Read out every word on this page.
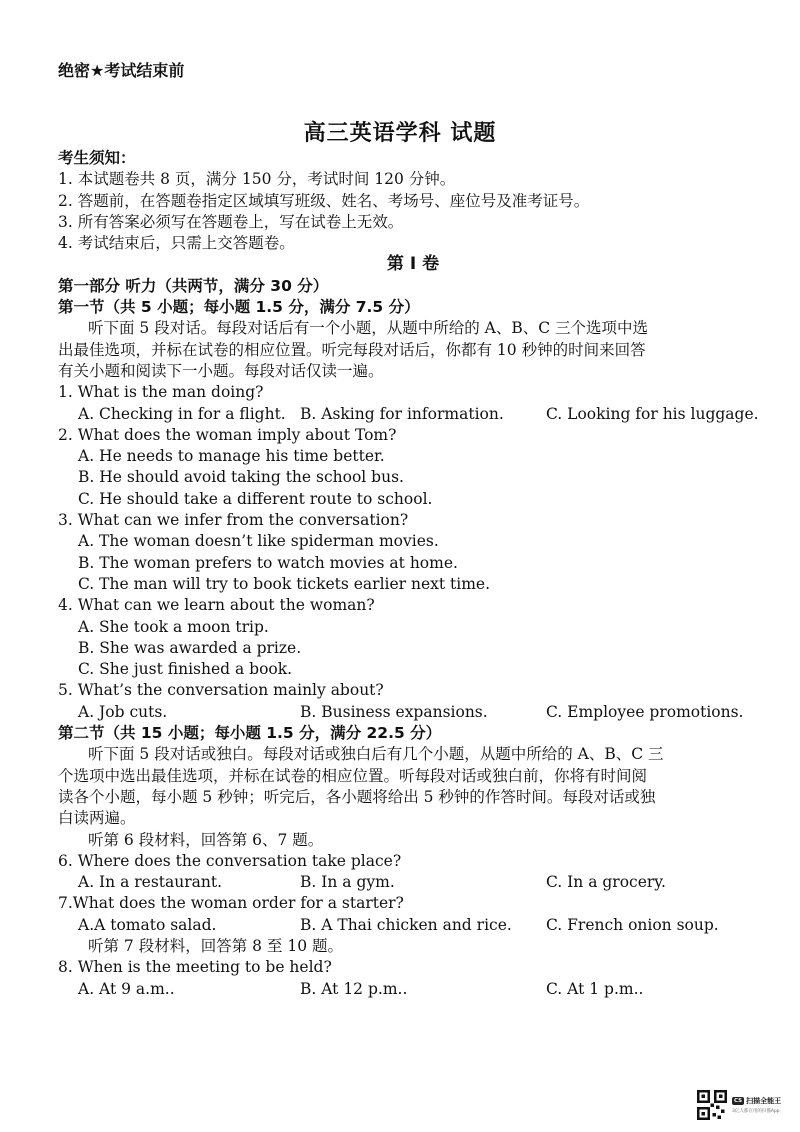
绝密★考试结束前
高三英语学科 试题
考生须知：
1. 本试题卷共 8 页，满分 150 分，考试时间 120 分钟。
2. 答题前，在答题卷指定区域填写班级、姓名、考场号、座位号及准考证号。
3. 所有答案必须写在答题卷上，写在试卷上无效。
4. 考试结束后，只需上交答题卷。
第 I 卷
第一部分 听力（共两节，满分 30 分）
第一节（共 5 小题；每小题 1.5 分，满分 7.5 分）
听下面 5 段对话。每段对话后有一个小题，从题中所给的 A、B、C 三个选项中选
出最佳选项，并标在试卷的相应位置。听完每段对话后，你都有 10 秒钟的时间来回答
有关小题和阅读下一小题。每段对话仅读一遍。
1. What is the man doing?
A. Checking in for a flight. B. Asking for information.	C. Looking for his luggage.
2. What does the woman imply about Tom?
A. He needs to manage his time better.
B. He should avoid taking the school bus.
C. He should take a different route to school.
3. What can we infer from the conversation?
A. The woman doesn’t like spiderman movies.
B. The woman prefers to watch movies at home.
C. The man will try to book tickets earlier next time.
4. What can we learn about the woman?
A. She took a moon trip.
B. She was awarded a prize.
C. She just finished a book.
5. What’s the conversation mainly about?
A. Job cuts.	B. Business expansions.	C. Employee promotions.
第二节（共 15 小题；每小题 1.5 分，满分 22.5 分）
听下面 5 段对话或独白。每段对话或独白后有几个小题，从题中所给的 A、B、C 三
个选项中选出最佳选项，并标在试卷的相应位置。听每段对话或独白前，你将有时间阅
读各个小题，每小题 5 秒钟；听完后，各小题将给出 5 秒钟的作答时间。每段对话或独
白读两遍。
听第 6 段材料，回答第 6、7 题。
6. Where does the conversation take place?
A. In a restaurant.	B. In a gym.	C. In a grocery.
7.What does the woman order for a starter?
A.A tomato salad.	B. A Thai chicken and rice.	C. French onion soup.
听第 7 段材料，回答第 8 至 10 题。
8. When is the meeting to be held?
A. At 9 a.m..	B. At 12 p.m..	C. At 1 p.m..
CS 扫描全能王
3亿人都在用的扫描App
